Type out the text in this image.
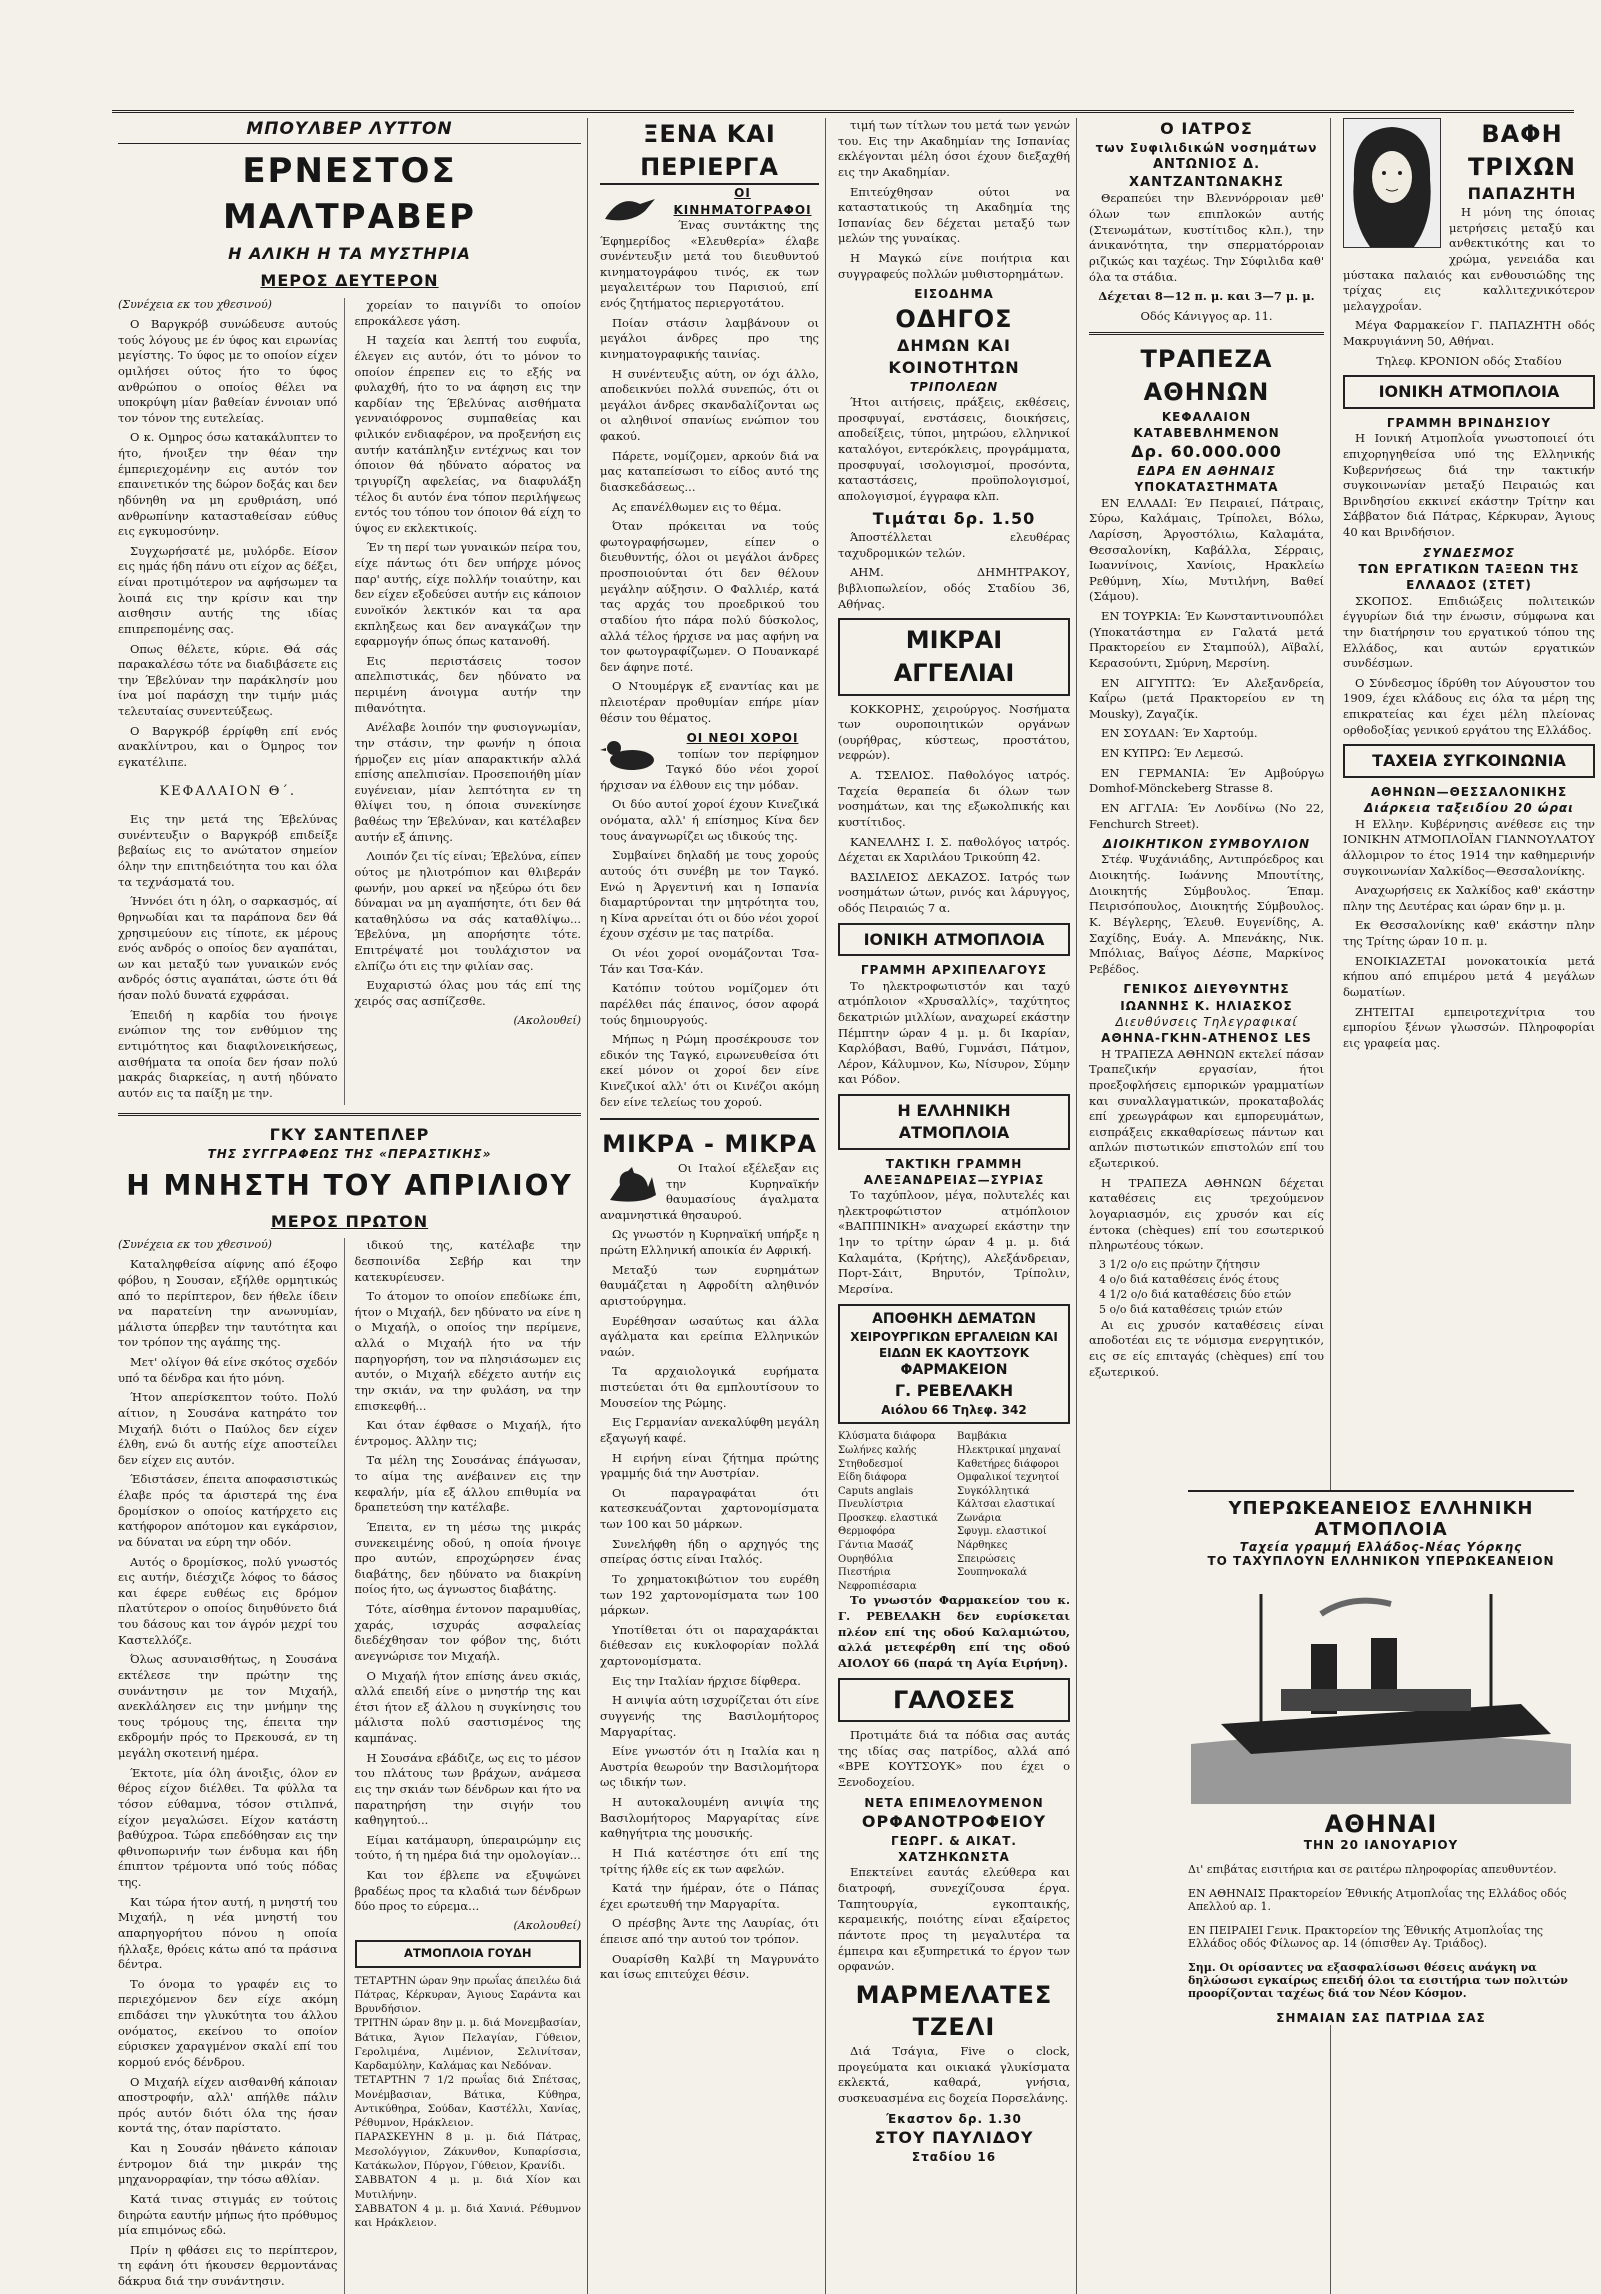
ΜΠΟΥΛΒΕΡ ΛΥΤΤΟΝ
ΕΡΝΕΣΤΟΣ ΜΑΛΤΡΑΒΕΡ
Η ΑΛΙΚΗ Η ΤΑ ΜΥΣΤΗΡΙΑ
ΜΕΡΟΣ ΔΕΥΤΕΡΟΝ
(Συνέχεια εκ του χθεσινού)

Ο Βαργκρόβ συνώδευσε αυτούς τούς λόγους με έν ύφος και ειρωνίας μεγίστης. Το ύφος με το οποίον είχεν ομιλήσει ούτος ήτο το ύφος ανθρώπου ο οποίος θέλει να υποκρύψη μίαν βαθείαν έννοιαν υπό τον τόνον της ευτελείας.

Ο κ. Ομηρος όσω κατακάλυπτεν το ήτο, ήνοιξεν την θέαν την έμπεριεχομένην εις αυτόν τον επαινετικόν της δώρον δοξάς και δεν ηδύνηθη να μη ερυθριάση, υπό ανθρωπίνην κατασταθείσαν εύθυς εις εγκυμοσύνην.

Συγχωρήσατέ με, μυλόρδε. Είσον εις ημάς ήδη πάνυ οτι είχον ας δέξει, είναι προτιμότερον να αφήσωμεν τα λοιπά εις την κρίσιν και την αισθησιν αυτής της ιδίας επιπρεπομένης σας.

Οπως θέλετε, κύριε. Θά σάς παρακαλέσω τότε να διαδιβάσετε εις την Έβελύναν την παράκλησίν μου ίνα μοί παράσχη την τιμήν μιάς τελευταίας συνεντεύξεως.

Ο Βαργκρόβ έρρίφθη επί ενός ανακλίντρου, και ο Όμηρος τον εγκατέλιπε.

ΚΕΦΑΛΑΙΟΝ Θ΄.

Εις την μετά της Έβελύνας συνέντευξιν ο Βαργκρόβ επιδείξε βεβαίως εις το ανώτατον σημείον όλην την επιτηδειότητα του και όλα τα τεχνάσματά του.

Ήννόει ότι η όλη, ο σαρκασμός, αί θρηνωδίαι και τα παράπονα δεν θά χρησιμεύουν εις τίποτε, εκ μέρους ενός ανδρός ο οποίος δεν αγαπάται, ων και μεταξύ των γυναικών ενός ανδρός όστις αγαπάται, ώστε ότι θά ήσαν πολύ δυνατά εχφράσαι.

Έπειδή η καρδία του ήνοιγε ενώπιον της τον ενθύμιον της εντιμότητος και διαφιλονεικήσεως, αισθήματα τα οποία δεν ήσαν πολύ μακράς διαρκείας, η αυτή ηδύνατο αυτόν εις τα παίξη με την.

χορείαν το παιγνίδι το οποίον επροκάλεσε γάση.

Η ταχεία και λεπτή του ευφυΐα, έλεγεν εις αυτόν, ότι το μόνον το οποίον έπρεπεν εις το εξής να φυλαχθή, ήτο το να άφηση εις την καρδίαν της Έβελύνας αισθήματα γενναιόφρονος συμπαθείας και φιλικόν ενδιαφέρον, να προξενήση εις αυτήν κατάπληξιν εντέχνως και τον όποιον θά ηδύνατο αόρατος να τριγυρίζη αφελείας, να διαφυλάξη τέλος δι αυτόν ένα τόπον περιλήψεως εντός του τόπου τον όποιον θά είχη το ύψος εν εκλεκτικοίς.

Έν τη περί των γυναικών πείρα του, είχε πάντως ότι δεν υπήρχε μόνος παρ' αυτής, είχε πολλήν τοιαύτην, και δεν είχεν εξοδεύσει αυτήν εις κάποιον ευνοϊκόν λεκτικόν και τα αρα εκπληξεως και δεν αναγκάζων την εφαρμογήν όπως όπως κατανοθή.

Εις περιστάσεις τοσον απελπιστικάς, δεν ηδύνατο να περιμένη άνοιγμα αυτήν την πιθανότητα.

Ανέλαβε λοιπόν την φυσιογνωμίαν, την στάσιν, την φωνήν η όποια ήρμοζεν εις μίαν απαρακτικήν αλλά επίσης απελπισίαν. Προσεποιήθη μίαν ευγένειαν, μίαν λεπτότητα εν τη θλίψει του, η όποια συνεκίνησε βαθέως την Έβελύναν, και κατέλαβεν αυτήν εξ άπινης.

Λοιπόν ζει τίς είναι; Έβελύνα, είπεν ούτος με ηλιοτρόπιον και θλιβεράν φωνήν, μου αρκεί να ηξεύρω ότι δεν δύναμαι να μη αγαπήσητε, ότι δεν θά καταθηλύσω να σάς καταθλίψω... Έβελύνα, μη απορήσητε τότε. Επιτρέψατέ μοι τουλάχιστον να ελπίζω ότι εις την φιλίαν σας.

Ευχαριστώ όλας μου τάς επί της χειρός σας ασπίζεσθε.

(Ακολουθεί)
ΓΚΥ ΣΑΝΤΕΠΛΕΡ
ΤΗΣ ΣΥΓΓΡΑΦΕΩΣ ΤΗΣ «ΠΕΡΑΣΤΙΚΗΣ»
Η ΜΝΗΣΤΗ ΤΟΥ ΑΠΡΙΛΙΟΥ
ΜΕΡΟΣ ΠΡΩΤΟΝ
(Συνέχεια εκ του χθεσινού)

Καταληφθείσα αίφνης από έξοφο φόβου, η Σουσαν, εξήλθε ορμητικώς από το περίπτερον, δεν ήθελε ίδειν να παρατείνη την ανωνυμίαν, μάλιστα ύπερβεν την ταυτότητα και τον τρόπον της αγάπης της.

Μετ' ολίγον θά είνε σκότος σχεδόν υπό τα δένδρα και ήτο μόνη.

Ήτον απερίσκεπτον τούτο. Πολύ αίτιον, η Σουσάνα κατηράτο τον Μιχαήλ διότι ο Παύλος δεν είχεν έλθη, ενώ δι αυτής είχε αποστείλει δεν είχεν εις αυτόν.

Έδιστάσεν, έπειτα αποφασιστικώς έλαβε πρός τα άριστερά της ένα δρομίσκον ο οποίος κατήρχετο εις κατήφορον απότομον και εγκάρσιον, να δύναται να εύρη την οδόν.

Αυτός ο δρομίσκος, πολύ γνωστός εις αυτήν, διέσχιζε λόφος το δάσος και έφερε ευθέως εις δρόμον πλατύτερον ο οποίος διηυθύνετο διά του δάσους και τον άγρόν μεχρί του Καστελλόζε.

Όλως ασυναισθήτως, η Σουσάνα εκτέλεσε την πρώτην της συνάντησιν με τον Μιχαήλ, ανεκλάλησεν εις την μνήμην της τους τρόμους της, έπειτα την εκδρομήν πρός το Πρεκουσά, εν τη μεγάλη σκοτεινή ημέρα.

Έκτοτε, μία όλη άνοιξις, όλον εν θέρος είχον διέλθει. Τα φύλλα τα τόσον εύθαμνα, τόσον στιλπνά, είχον μεγαλώσει. Είχον κατάστη βαθύχροα. Τώρα επεδόθησαν εις την φθινοπωρινήν των ένδυμα και ήδη έπιπτον τρέμοντα υπό τούς πόδας της.

Και τώρα ήτον αυτή, η μνηστή του Μιχαήλ, η νέα μνηστή του απαρηγορήτου πόνου η οποία ήλλαξε, θρόεις κάτω από τα πράσινα δέντρα.

Το όνομα το γραφέν εις το περιεχόμενον δεν είχε ακόμη επιδάσει την γλυκύτητα του άλλου ονόματος, εκείνου το οποίον εύρισκεν χαραγμένον σκαλί επί του κορμού ενός δένδρου.

Ο Μιχαήλ είχεν αισθανθή κάποιαν αποστροφήν, αλλ' απήλθε πάλιν πρός αυτόν διότι όλα της ήσαν κοντά της, όταν παρίστατο.

Και η Σουσάν ηθάνετο κάποιαν έντρομον διά την μικράν της μηχανορραφίαν, την τόσω αθλίαν.

Κατά τινας στιγμάς εν τούτοις διηρώτα εαυτήν μήπως ήτο πρόθυμος μία επιμόνως εδώ.

Πρίν η φθάσει εις το περίπτερον, τη εφάνη ότι ήκουσεν θερμοντάνας δάκρυα διά την συνάντησιν.

ιδικού της, κατέλαβε την δεσποινίδα Σεβήρ και την κατεκυρίευσεν.

Το άτομον το οποίον επεδίωκε έπι, ήτον ο Μιχαήλ, δεν ηδύνατο να είνε η ο Μιχαήλ, ο οποίος την περίμενε, αλλά ο Μιχαήλ ήτο να τήν παρηγορήση, τον να πλησιάσωμεν εις αυτόν, ο Μιχαήλ εδέχετο αυτήν εις την σκιάν, να την φυλάση, να την επισκεφθή...

Και όταν έφθασε ο Μιχαήλ, ήτο έντρομος. Άλλην τις;

Τα μέλη της Σουσάνας έπάγωσαν, το αίμα της ανέβαινεν εις την κεφαλήν, μία εξ άλλου επιθυμία να δραπετεύση την κατέλαβε.

Έπειτα, εν τη μέσω της μικράς συνεκειμένης οδού, η οποία ήνοιγε προ αυτών, επροχώρησεν ένας διαβάτης, δεν ηδύνατο να διακρίνη ποίος ήτο, ως άγνωστος διαβάτης.

Τότε, αίσθημα έντονον παραμυθίας, χαράς, ισχυράς ασφαλείας διεδέχθησαν τον φόβον της, διότι ανεγνώρισε τον Μιχαήλ.

Ο Μιχαήλ ήτον επίσης άνευ σκιάς, αλλά επειδή είνε ο μνηστήρ της και έτσι ήτον εξ άλλου η συγκίνησις του μάλιστα πολύ σαστισμένος της καμπάνας.

Η Σουσάνα εβάδιζε, ως εις το μέσον του πλάτους των βράχων, ανάμεσα εις την σκιάν των δένδρων και ήτο να παρατηρήση την σιγήν του καθηγητού...

Είμαι κατάμαυρη, ύπεραιρώμην εις τούτο, ή τη ημέρα διά την ομολογίαν...

Και τον έβλεπε να εξυψώνει βραδέως προς τα κλαδιά των δένδρων δύο προς το εύρεμα...

(Ακολουθεί)
ΑΤΜΟΠΛΟΙΑ ΓΟΥΔΗ
ΤΕΤΑΡΤΗΝ ώραν 9ην πρωΐας άπειλέω διά Πάτρας, Κέρκυραν, Άγιους Σαράντα και Βρυνδήσιον.
ΤΡΙΤΗΝ ώραν 8ην μ. μ. διά Μονεμβασίαν, Βάτικα, Άγιον Πελαγίαν, Γύθειον, Γερολιμένα, Λιμένιον, Σελινίτσαν, Καρδαμύλην, Καλάμας και Νεδόναν.
ΤΕΤΑΡΤΗΝ 7 1/2 πρωΐας διά Σπέτσας, Μονέμβασιαν, Βάτικα, Κύθηρα, Αντικύθηρα, Σούδαν, Καστέλλι, Χανίας, Ρέθυμνον, Ηράκλειον.
ΠΑΡΑΣΚΕΥΗΝ 8 μ. μ. διά Πάτρας, Μεσολόγγιον, Ζάκυνθον, Κυπαρίσσια, Κατάκωλον, Πύργον, Γύθειον, Κρανίδι.
ΣΑΒΒΑΤΟΝ 4 μ. μ. διά Χίον και Μυτιλήνην.
ΣΑΒΒΑΤΟΝ 4 μ. μ. διά Χανιά. Ρέθυμνον και Ηράκλειον.
ΞΕΝΑ ΚΑΙ ΠΕΡΙΕΡΓΑ
ΟΙ ΚΙΝΗΜΑΤΟΓΡΑΦΟΙ

Ένας συντάκτης της Έφημερίδος «Ελευθερία» έλαβε συνέντευξιν μετά του διευθυντού κινηματογράφου τινός, εκ των μεγαλειτέρων του Παρισιού, επί ενός ζητήματος περιεργοτάτου.

Ποίαν στάσιν λαμβάνουν οι μεγάλοι άνδρες προ της κινηματογραφικής ταινίας.

Η συνέντευξις αύτη, ον όχι άλλο, αποδεικνύει πολλά συνεπώς, ότι οι μεγάλοι άνδρες σκανδαλίζονται ως οι αληθινοί σπανίως ενώπιον του φακού.

Πάρετε, νομίζομεν, αρκούν διά να μας καταπείσωσι το είδος αυτό της διασκεδάσεως...

Ας επανέλθωμεν εις το θέμα.

Όταν πρόκειται να τούς φωτογραφήσωμεν, είπεν ο διευθυντής, όλοι οι μεγάλοι άνδρες προσποιούνται ότι δεν θέλουν μεγάλην αύξησιν. Ο Φαλλιέρ, κατά τας αρχάς του προεδρικού του σταδίου ήτο πάρα πολύ δύσκολος, αλλά τέλος ήρχισε να μας αφήνη να τον φωτογραφίζωμεν. Ο Πουανκαρέ δεν άφηνε ποτέ.

Ο Ντουμέργκ εξ εναντίας και με πλειοτέραν προθυμίαν επήρε μίαν θέσιν του θέματος.

ΟΙ ΝΕΟΙ ΧΟΡΟΙ

τοπίων τον περίφημον Ταγκό δύο νέοι χοροί ήρχισαν να έλθουν εις την μόδαν.

Οι δύο αυτοί χοροί έχουν Κινεζικά ονόματα, αλλ' ή επίσημος Κίνα δεν τους άναγνωρίζει ως ιδικούς της.

Συμβαίνει δηλαδή με τους χορούς αυτούς ότι συνέβη με τον Ταγκό. Ενώ η Άργεντινή και η Ισπανία διαμαρτύρονται την μητρότητα του, η Κίνα αρνείται ότι οι δύο νέοι χοροί έχουν σχέσιν με τας πατρίδα.

Οι νέοι χοροί ονομάζονται Τσα-Τάν και Τσα-Κάν.

Κατόπιν τούτου νομίζομεν ότι παρέλθει πάς έπαινος, όσον αφορά τούς δημιουργούς.

Μήπως η Ρώμη προσέκρουσε τον εδικόν της Ταγκό, ειρωνευθείσα ότι εκεί μόνον οι χοροί δεν είνε Κινεζικοί αλλ' ότι οι Κινέζοι ακόμη δεν είνε τελείως του χορού.

ΜΙΚΡΑ - ΜΙΚΡΑ

Οι Ιταλοί εξέλεξαν εις την Κυρηναϊκήν θαυμασίους άγαλματα αναμνηστικά θησαυρού.

Ως γνωστόν η Κυρηναϊκή υπήρξε η πρώτη Ελληνική αποικία έν Αφρική.

Μεταξύ των ευρημάτων θαυμάζεται η Αφροδίτη αληθινόν αριστούργημα.

Ευρέθησαν ωσαύτως και άλλα αγάλματα και ερείπια Ελληνικών ναών.

Τα αρχαιολογικά ευρήματα πιστεύεται ότι θα εμπλουτίσουν το Μουσείον της Ρώμης.

Εις Γερμανίαν ανεκαλύφθη μεγάλη εξαγωγή καφέ.

Η ειρήνη είναι ζήτημα πρώτης γραμμής διά την Αυστρίαν.

Οι παραγραφάται ότι κατεσκευάζονται χαρτονομίσματα των 100 και 50 μάρκων.

Συνελήφθη ήδη ο αρχηγός της σπείρας όστις είναι Ιταλός.

Το χρηματοκιβώτιον του ευρέθη των 192 χαρτονομίσματα των 100 μάρκων.

Υποτίθεται ότι οι παραχαράκται διέθεσαν εις κυκλοφορίαν πολλά χαρτονομίσματα.

Εις την Ιταλίαν ήρχισε δίφθερα.

Η ανιψία αύτη ισχυρίζεται ότι είνε συγγενής της Βασιλομήτορος Μαργαρίτας.

Είνε γνωστόν ότι η Ιταλία και η Αυστρία θεωρούν την Βασιλομήτορα ως ιδικήν των.

Η αυτοκαλουμένη ανιψία της Βασιλομήτορος Μαργαρίτας είνε καθηγήτρια της μουσικής.

Η Πιά κατέστησε ότι επί της τρίτης ήλθε είς εκ των αφελών.

Κατά την ήμέραν, ότε ο Πάπας έχει ερωτευθή την Μαργαρίτα.

Ο πρέσβης Άντε της Λαυρίας, ότι έπεισε από την αυτού τον τρόπον.

Ουαρίσθη Καλβί τη Μαγρυνάτο και ίσως επιτεύχει θέσιν.

τιμή των τίτλων του μετά των γενών του. Εις την Ακαδημίαν της Ισπανίας εκλέγονται μέλη όσοι έχουν διεξαχθή εις την Ακαδημίαν.

Επιτεύχθησαν ούτοι να καταστατικούς τη Ακαδημία της Ισπανίας δεν δέχεται μεταξύ των μελών της γυναίκας.

Η Μαγκώ είνε ποιήτρια και συγγραφεύς πολλών μυθιστορημάτων.

ΕΙΣΟΔΗΜΑ
ΟΔΗΓΟΣ
ΔΗΜΩΝ ΚΑΙ ΚΟΙΝΟΤΗΤΩΝ
ΤΡΙΠΟΛΕΩΝ

Ήτοι αιτήσεις, πράξεις, εκθέσεις, προσφυγαί, ενστάσεις, διοικήσεις, αποδείξεις, τύποι, μητρώου, ελληνικοί καταλόγοι, εντερόκλεις, προγράμματα, προσφυγαί, ισολογισμοί, προσόντα, καταστάσεις, προϋπολογισμοί, απολογισμοί, έγγραφα κλπ.

Τιμάται δρ. 1.50

Άποστέλλεται ελευθέρας ταχυδρομικών τελών.

ΑΗΜ. ΔΗΜΗΤΡΑΚΟΥ, βιβλιοπωλείον, οδός Σταδίου 36, Αθήνας.

ΜΙΚΡΑΙ ΑΓΓΕΛΙΑΙ

ΚΟΚΚΟΡΗΣ, χειρούργος. Νοσήματα των ουροποιητικών οργάνων (ουρήθρας, κύστεως, προστάτου, νεφρών).

Α. ΤΣΕΛΙΟΣ. Παθολόγος ιατρός. Ταχεία θεραπεία δι όλων των νοσημάτων, και της εξωκολπικής και κυστίτιδος.

ΚΑΝΕΛΛΗΣ Ι. Σ. παθολόγος ιατρός. Δέχεται εκ Χαριλάου Τρικούπη 42.

ΒΑΣΙΛΕΙΟΣ ΔΕΚΑΖΟΣ. Ιατρός των νοσημάτων ώτων, ρινός και λάρυγγος, οδός Πειραιώς 7 α.

ΙΟΝΙΚΗ ΑΤΜΟΠΛΟΙΑ
ΓΡΑΜΜΗ ΑΡΧΙΠΕΛΑΓΟΥΣ

Το ηλεκτροφωτιστόν και ταχύ ατμόπλοιον «Χρυσαλλίς», ταχύτητος δεκατριών μιλλίων, αναχωρεί εκάστην Πέμπτην ώραν 4 μ. μ. δι Ικαρίαν, Καρλόβασι, Βαθύ, Γυμνάσι, Πάτμον, Λέρον, Κάλυμνον, Κω, Νίσυρον, Σύμην και Ρόδον.

Η ΕΛΛΗΝΙΚΗ ΑΤΜΟΠΛΟΙΑ
ΤΑΚΤΙΚΗ ΓΡΑΜΜΗ ΑΛΕΞΑΝΔΡΕΙΑΣ—ΣΥΡΙΑΣ

Το ταχύπλοον, μέγα, πολυτελές και ηλεκτροφώτιστον ατμόπλοιον «ΒΑΠΠΙΝΙΚΗ» αναχωρεί εκάστην την 1ην το τρίτην ώραν 4 μ. μ. διά Καλαμάτα, (Κρήτης), Αλεξάνδρειαν, Πορτ-Σάιτ, Βηρυτόν, Τρίπολιν, Μερσίνα.

ΑΠΟΘΗΚΗ ΔΕΜΑΤΩΝ
ΧΕΙΡΟΥΡΓΙΚΩΝ ΕΡΓΑΛΕΙΩΝ ΚΑΙ ΕΙΔΩΝ ΕΚ ΚΑΟΥΤΣΟΥΚ
ΦΑΡΜΑΚΕΙΟΝ
Γ. ΡΕΒΕΛΑΚΗ
Αιόλου 66 Τηλεφ. 342
Κλύσματα διάφορα
Σωλήνες καλής
Στηθοδεσμοί
Είδη διάφορα
Caputs anglais
Πνευλίστρια
Προσκεφ. ελαστικά
Θερμοφόρα
Γάντια Μασάζ
Ουρηθόλια
Πιεστήρια
Νεφροπιέσαρια
Βαμβάκια
Ηλεκτρικαί μηχαναί
Καθετήρες διάφοροι
Ομφαλικοί τεχνητοί
Συγκόλλητικά
Κάλτσαι ελαστικαί
Ζωνάρια
Σφυγμ. ελαστικοί
Νάρθηκες
Σπειρώσεις
Σουπηνοκαλά

Το γνωστόν Φαρμακείον του κ. Γ. ΡΕΒΕΛΑΚΗ δεν ευρίσκεται πλέον επί της οδού Καλαμιώτου, αλλά μετεφέρθη επί της οδού ΑΙΟΛΟΥ 66 (παρά τη Αγία Ειρήνη).

ΓΑΛΟΣΕΣ

Προτιμάτε διά τα πόδια σας αυτάς της ιδίας σας πατρίδος, αλλά από «ΒΡΕ ΚΟΥΤΣΟΥΚ» που έχει ο Ξενοδοχείου.

ΝΕΤΑ ΕΠΙΜΕΛΟΥΜΕΝΟΝ
ΟΡΦΑΝΟΤΡΟΦΕΙΟΥ
ΓΕΩΡΓ. & ΑΙΚΑΤ. ΧΑΤΖΗΚΩΝΣΤΑ

Επεκτείνει εαυτάς ελεύθερα και διατροφή, συνεχίζουσα έργα. Ταπητουργία, εγκοπταικής, κεραμεικής, ποιότης είναι εξαίρετος πάντοτε προς τη μεγαλυτέρα τα έμπειρα και εξυπηρετικά το έργον των ορφανών.

ΜΑΡΜΕΛΑΤΕΣ
ΤΖΕΛΙ

Διά Τσάγια, Five o clock, προγεύματα και οικιακά γλυκίσματα εκλεκτά, καθαρά, γνήσια, συσκευασμένα εις δοχεία Πορσελάνης.

Έκαστον δρ. 1.30
ΣΤΟΥ ΠΑΥΛΙΔΟΥ
Σταδίου 16
Ο ΙΑΤΡΟΣ
των ΣυφιλιδικώΝ νοσημάτων
ΑΝΤΩΝΙΟΣ Δ. ΧΑΝΤΖΑΝΤΩΝΑΚΗΣ

Θεραπεύει την Βλεννόρροιαν μεθ' όλων των επιπλοκών αυτής (Στενωμάτων, κυστίτιδος κλπ.), την άνικανότητα, την σπερματόρροιαν ριζικώς και ταχέως. Την Σύφιλιδα καθ' όλα τα στάδια.

Δέχεται 8—12 π. μ. και 3—7 μ. μ.

Οδός Κάνιγγος αρ. 11.

ΤΡΑΠΕΖΑ ΑΘΗΝΩΝ
ΚΕΦΑΛΑΙΟΝ ΚΑΤΑΒΕΒΛΗΜΕΝΟΝ
Δρ. 60.000.000
ΕΔΡΑ ΕΝ ΑΘΗΝΑΙΣ
ΥΠΟΚΑΤΑΣΤΗΜΑΤΑ

ΕΝ ΕΛΛΑΔΙ: Έν Πειραιεί, Πάτραις, Σύρω, Καλάμαις, Τρίπολει, Βόλω, Λαρίσση, Άργοστόλιω, Καλαμάτα, Θεσσαλονίκη, Καβάλλα, Σέρραις, Ιωαννίνοις, Χανίοις, Ηρακλείω Ρεθύμνη, Χίω, Μυτιλήνη, Βαθεί (Σάμου).

ΕΝ ΤΟΥΡΚΙΑ: Έν Κωνσταντινουπόλει (Υποκατάστημα εν Γαλατά μετά Πρακτορείου εν Σταμπούλ), Αϊβαλί, Κερασούντι, Σμύρνη, Μερσίνη.

ΕΝ ΑΙΓΥΠΤΩ: Έν Αλεξανδρεία, Καΐρω (μετά Πρακτορείου εν τη Mousky), Ζαγαζίκ.

ΕΝ ΣΟΥΔΑΝ: Έν Χαρτούμ.

ΕΝ ΚΥΠΡΩ: Έν Λεμεσώ.

ΕΝ ΓΕΡΜΑΝΙΑ: Έν Αμβούργω Domhof-Mönckeberg Strasse 8.

ΕΝ ΑΓΓΛΙΑ: Έν Λονδίνω (No 22, Fenchurch Street).

ΔΙΟΙΚΗΤΙΚΟΝ ΣΥΜΒΟΥΛΙΟΝ

Στέφ. Ψυχάνιάδης, Αντιπρόεδρος και Διοικητής. Ιωάννης Μπουτίτης, Διοικητής Σύμβουλος. Έπαμ. Πειρισόπουλος, Διοικητής Σύμβουλος. Κ. Βέγλερης, Έλευθ. Ευγενίδης, Α. Σαχίδης, Ευάγ. Α. Μπενάκης, Νικ. Μπόλιας, Βαΐγος Δέσπε, Μαρκίνος Ρεβέδος.

ΓΕΝΙΚΟΣ ΔΙΕΥΘΥΝΤΗΣ
ΙΩΑΝΝΗΣ Κ. ΗΛΙΑΣΚΟΣ
Διευθύνσεις Τηλεγραφικαί
ΑΘΗΝΑ-ΓΚΗΝ-ΑΤΗΕΝΟΣ LES

Η ΤΡΑΠΕΖΑ ΑΘΗΝΩΝ εκτελεί πάσαν Τραπεζικήν εργασίαν, ήτοι προεξοφλήσεις εμπορικών γραμματίων και συναλλαγματικών, προκαταβολάς επί χρεωγράφων και εμπορευμάτων, εισπράξεις εκκαθαρίσεως πάντων και απλών πιστωτικών επιστολών επί του εξωτερικού.

Η ΤΡΑΠΕΖΑ ΑΘΗΝΩΝ δέχεται καταθέσεις εις τρεχούμενον λογαριασμόν, εις χρυσόν και είς έντοκα (chèques) επί του εσωτερικού πληρωτέους τόκων.

3 1/2 ο/ο εις πρώτην ζήτησιν
4 ο/ο διά καταθέσεις ένός έτους
4 1/2 ο/ο διά καταθέσεις δύο ετών
5 ο/ο διά καταθέσεις τριών ετών

Αι εις χρυσόν καταθέσεις είναι αποδοτέαι εις τε νόμισμα ενεργητικόν, εις σε είς επιταγάς (chèques) επί του εξωτερικού.

ΒΑΦΗ ΤΡΙΧΩΝ
ΠΑΠΑΖΗΤΗ

Η μόνη της όποιας μετρήσεις μεταξύ και ανθεκτικότης και το χρώμα, γενειάδα και μύστακα παλαιός και ενθουσιώδης της τρίχας εις καλλιτεχνικότερον μελαγχροΐαν.

Μέγα Φαρμακείον Γ. ΠΑΠΑΖΗΤΗ οδός Μακρυγιάννη 50, Αθήναι.

Τηλεφ. ΚΡΟΝΙΟΝ οδός Σταδίου

ΙΟΝΙΚΗ ΑΤΜΟΠΛΟΙΑ
ΓΡΑΜΜΗ ΒΡΙΝΔΗΣΙΟΥ

Η Ιονική Ατμοπλοΐα γνωστοποιεί ότι επιχορηγηθείσα υπό της Ελληνικής Κυβερνήσεως διά την τακτικήν συγκοινωνίαν μεταξύ Πειραιώς και Βρινδησίου εκκινεί εκάστην Τρίτην και Σάββατον διά Πάτρας, Κέρκυραν, Άγιους 40 και Βρινδήσιον.

ΣΥΝΔΕΣΜΟΣ
ΤΩΝ ΕΡΓΑΤΙΚΩΝ ΤΑΞΕΩΝ ΤΗΣ ΕΛΛΑΔΟΣ (ΣΤΕΤ)

ΣΚΟΠΟΣ. Επιδιώξεις πολιτεικών έγγυρίων διά την ένωσιν, σύμφωνα και την διατήρησιν του εργατικού τόπου της Ελλάδος, και αυτών εργατικών συνδέσμων.

Ο Σύνδεσμος ίδρύθη τον Αύγουστον του 1909, έχει κλάδους εις όλα τα μέρη της επικρατείας και έχει μέλη πλείονας ορθοδοξίας γενικού εργάτου της Ελλάδος.

ΤΑΧΕΙΑ ΣΥΓΚΟΙΝΩΝΙΑ
ΑΘΗΝΩΝ—ΘΕΣΣΑΛΟΝΙΚΗΣ
Διάρκεια ταξειδίου 20 ώραι

Η Ελλην. Κυβέρνησις ανέθεσε εις την ΙΟΝΙΚΗΝ ΑΤΜΟΠΛΟΪΑΝ ΓΙΑΝΝΟΥΛΑΤΟΥ άλλομιρον το έτος 1914 την καθημερινήν συγκοινωνίαν Χαλκίδος—Θεσσαλονίκης.

Αναχωρήσεις εκ Χαλκίδος καθ' εκάστην πλην της Δευτέρας και ώραν 6ην μ. μ.

Εκ Θεσσαλονίκης καθ' εκάστην πλην της Τρίτης ώραν 10 π. μ.

ΕΝΟΙΚΙΑΖΕΤΑΙ μονοκατοικία μετά κήπου από επιμέρου μετά 4 μεγάλων δωματίων.

ΖΗΤΕΙΤΑΙ εμπειροτεχνίτρια του εμπορίου ξένων γλωσσών. Πληροφορίαι εις γραφεία μας.

ΥΠΕΡΩΚΕΑΝΕΙΟΣ ΕΛΛΗΝΙΚΗ ΑΤΜΟΠΛΟΙΑ
Ταχεία γραμμή Ελλάδος-Νέας Υόρκης
ΤΟ ΤΑΧΥΠΛΟΥΝ ΕΛΛΗΝΙΚΟΝ ΥΠΕΡΩΚΕΑΝΕΙΟΝ
ΑΘΗΝΑΙ
ΤΗΝ 20 ΙΑΝΟΥΑΡΙΟΥ

Δι' επιβάτας εισιτήρια και σε ραιτέρω πληροφορίας απευθυντέον.

ΕΝ ΑΘΗΝΑΙΣ Πρακτορείον Έθνικής Ατμοπλοΐας της Ελλάδος οδός Απελλού αρ. 1.

ΕΝ ΠΕΙΡΑΙΕΙ Γενικ. Πρακτορείον της Έθνικής Ατμοπλοΐας της Ελλάδος οδός Φίλωνος αρ. 14 (όπισθεν Αγ. Τριάδος).

Σημ. Οι ορίσαντες να εξασφαλίσωσι θέσεις ανάγκη να δηλώσωσι εγκαίρως επειδή όλοι τα εισιτήρια των πολιτών προορίζονται ταχέως διά τον Νέον Κόσμον.

ΣΗΜΑΙΑΝ ΣΑΣ ΠΑΤΡΙΔΑ ΣΑΣ
